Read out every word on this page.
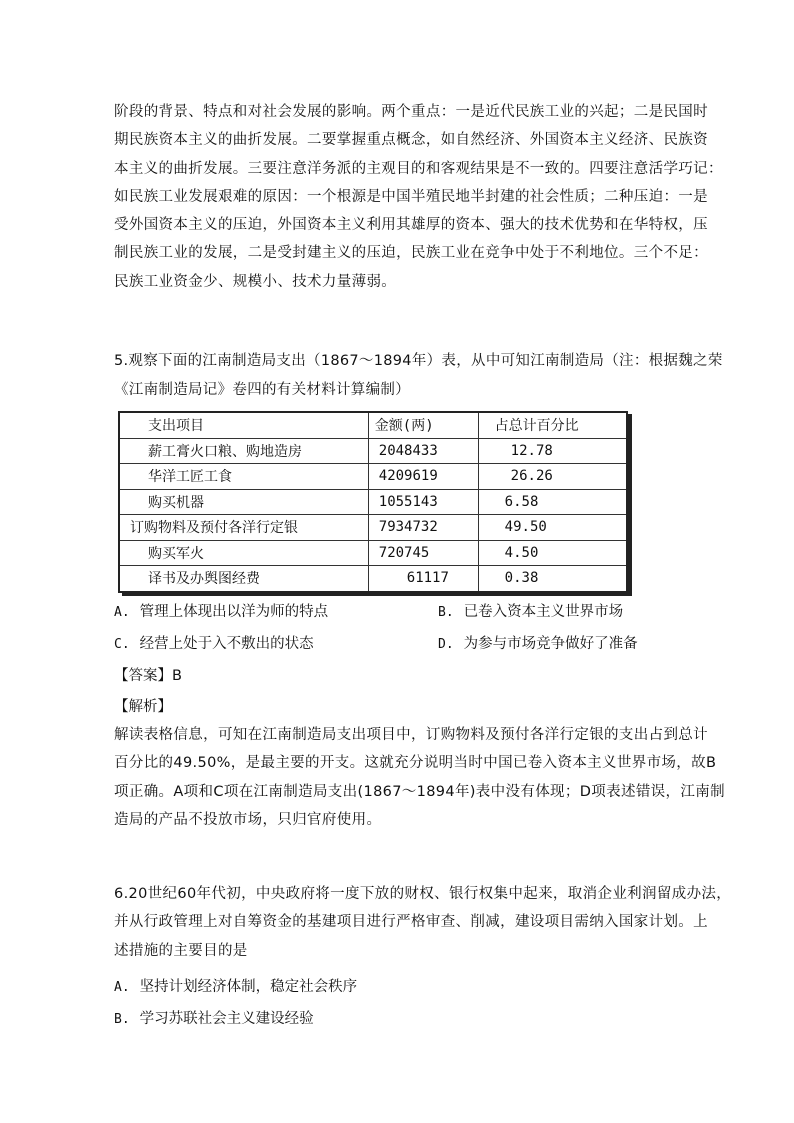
阶段的背景、特点和对社会发展的影响。两个重点：一是近代民族工业的兴起；二是民国时
期民族资本主义的曲折发展。二要掌握重点概念，如自然经济、外国资本主义经济、民族资
本主义的曲折发展。三要注意洋务派的主观目的和客观结果是不一致的。四要注意活学巧记：
如民族工业发展艰难的原因：一个根源是中国半殖民地半封建的社会性质；二种压迫：一是
受外国资本主义的压迫，外国资本主义利用其雄厚的资本、强大的技术优势和在华特权，压
制民族工业的发展，二是受封建主义的压迫，民族工业在竞争中处于不利地位。三个不足：
民族工业资金少、规模小、技术力量薄弱。

5.观察下面的江南制造局支出（1867～1894年）表，从中可知江南制造局（注：根据魏之荣
《江南制造局记》卷四的有关材料计算编制）
支出项目	金额(两)	占总计百分比
薪工膏火口粮、购地造房	2048433	12.78
华洋工匠工食	4209619	26.26
购买机器	1055143	6.58
订购物料及预付各洋行定银	7934732	49.50
购买军火	720745	4.50
译书及办舆图经费	61117	0.38
A. 管理上体现出以洋为师的特点	B. 已卷入资本主义世界市场
C. 经营上处于入不敷出的状态	D. 为参与市场竞争做好了准备
【答案】B
【解析】

解读表格信息，可知在江南制造局支出项目中，订购物料及预付各洋行定银的支出占到总计
百分比的49.50%，是最主要的开支。这就充分说明当时中国已卷入资本主义世界市场，故B
项正确。A项和C项在江南制造局支出(1867～1894年)表中没有体现；D项表述错误，江南制
造局的产品不投放市场，只归官府使用。

6.20世纪60年代初，中央政府将一度下放的财权、银行权集中起来，取消企业利润留成办法，
并从行政管理上对自筹资金的基建项目进行严格审查、削减，建设项目需纳入国家计划。上
述措施的主要目的是

A. 坚持计划经济体制，稳定社会秩序
B. 学习苏联社会主义建设经验
